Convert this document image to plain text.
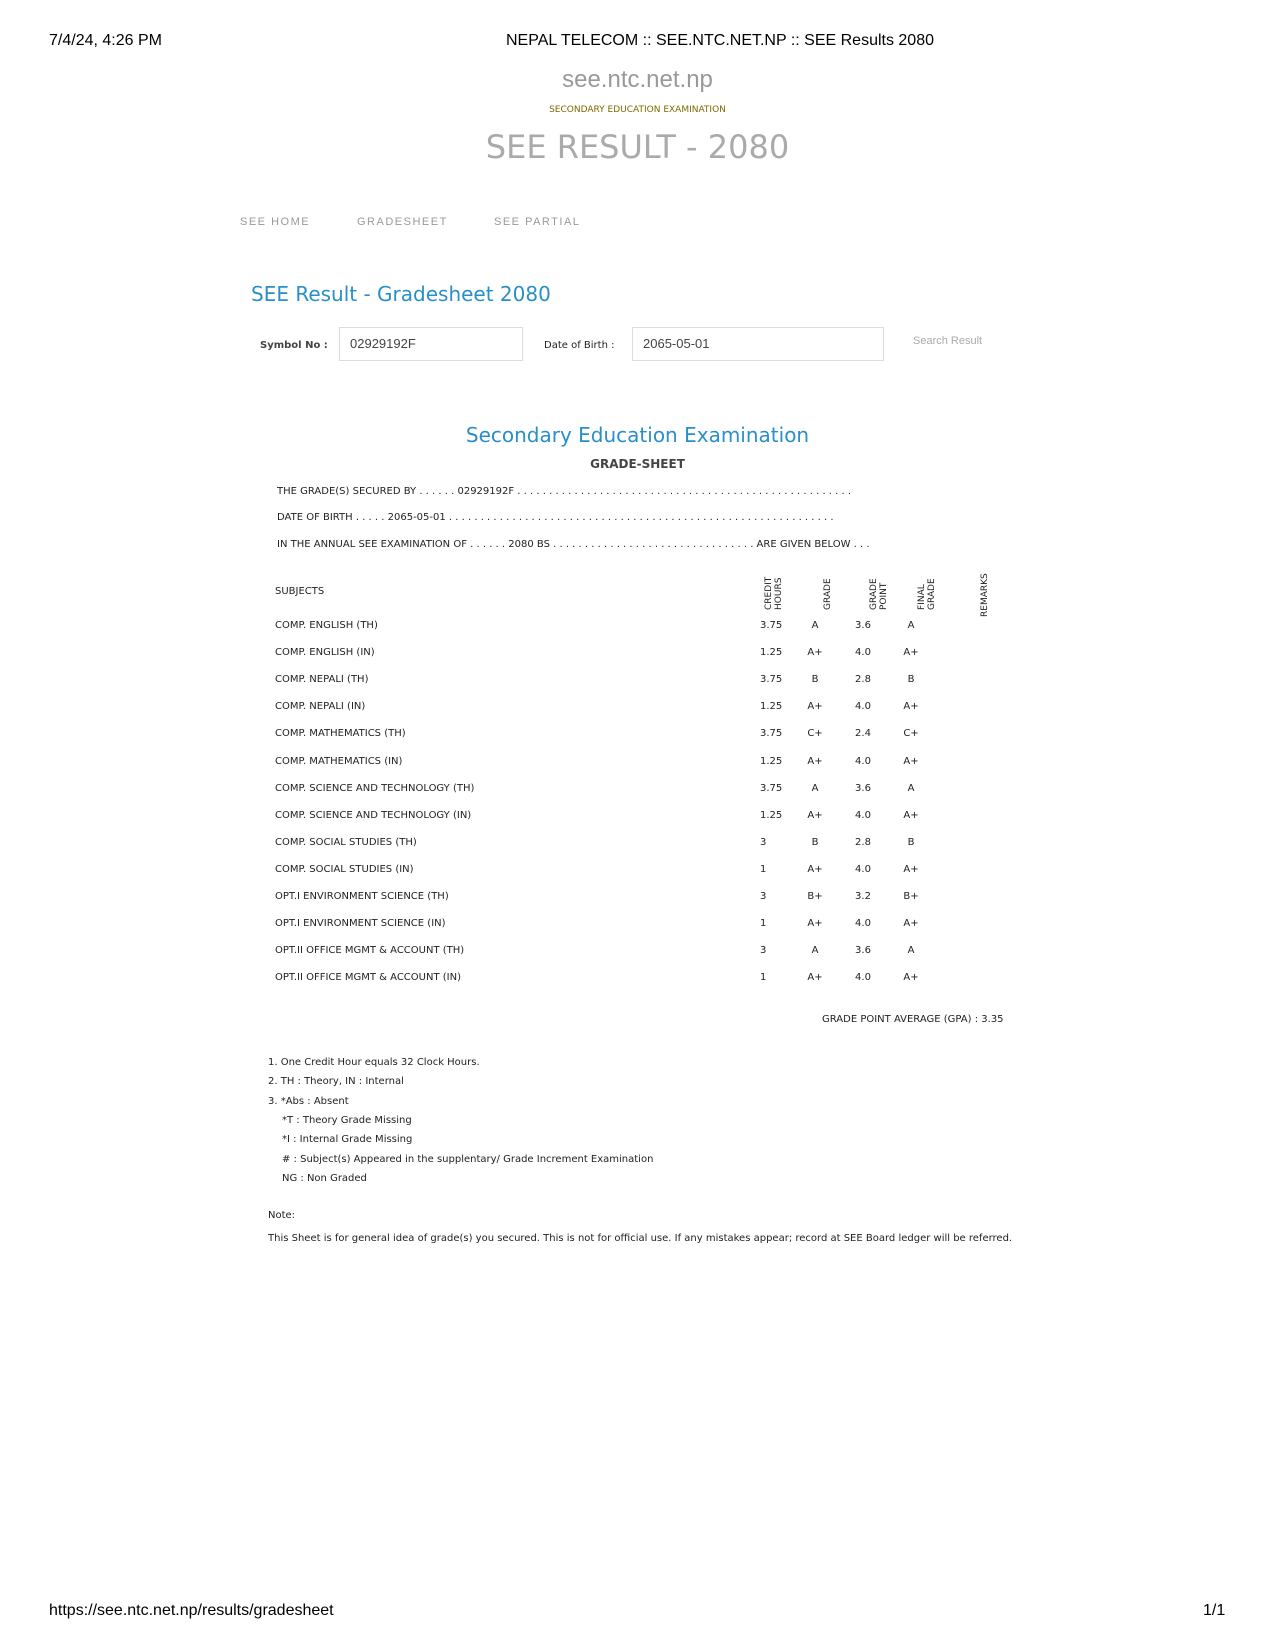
7/4/24, 4:26 PM	NEPAL TELECOM :: SEE.NTC.NET.NP :: SEE Results 2080
see.ntc.net.np
SECONDARY EDUCATION EXAMINATION
SEE RESULT - 2080
SEE HOME	GRADESHEET	SEE PARTIAL
SEE Result - Gradesheet 2080
Symbol No :	02929192F	Date of Birth :	2065-05-01	Search Result
Secondary Education Examination
GRADE-SHEET
THE GRADE(S) SECURED BY . . . . . . 02929192F . . . . . . . . . . . . . . . . . . . . . . . . . . . . . . . . . . . . . . . . . . . . . . . . . . . . .
DATE OF BIRTH . . . . . 2065-05-01 . . . . . . . . . . . . . . . . . . . . . . . . . . . . . . . . . . . . . . . . . . . . . . . . . . . . . . . . . . . . .
IN THE ANNUAL SEE EXAMINATION OF . . . . . . 2080 BS . . . . . . . . . . . . . . . . . . . . . . . . . . . . . . . . ARE GIVEN BELOW . . .
SUBJECTS	CREDIT HOURS	GRADE	GRADE POINT	FINAL GRADE	REMARKS
COMP. ENGLISH (TH)	3.75	A	3.6	A
COMP. ENGLISH (IN)	1.25	A+	4.0	A+
COMP. NEPALI (TH)	3.75	B	2.8	B
COMP. NEPALI (IN)	1.25	A+	4.0	A+
COMP. MATHEMATICS (TH)	3.75	C+	2.4	C+
COMP. MATHEMATICS (IN)	1.25	A+	4.0	A+
COMP. SCIENCE AND TECHNOLOGY (TH)	3.75	A	3.6	A
COMP. SCIENCE AND TECHNOLOGY (IN)	1.25	A+	4.0	A+
COMP. SOCIAL STUDIES (TH)	3	B	2.8	B
COMP. SOCIAL STUDIES (IN)	1	A+	4.0	A+
OPT.I ENVIRONMENT SCIENCE (TH)	3	B+	3.2	B+
OPT.I ENVIRONMENT SCIENCE (IN)	1	A+	4.0	A+
OPT.II OFFICE MGMT & ACCOUNT (TH)	3	A	3.6	A
OPT.II OFFICE MGMT & ACCOUNT (IN)	1	A+	4.0	A+
GRADE POINT AVERAGE (GPA) : 3.35
1. One Credit Hour equals 32 Clock Hours.
2. TH : Theory, IN : Internal
3. *Abs : Absent
*T : Theory Grade Missing
*I : Internal Grade Missing
# : Subject(s) Appeared in the supplentary/ Grade Increment Examination
NG : Non Graded
Note:
This Sheet is for general idea of grade(s) you secured. This is not for official use. If any mistakes appear; record at SEE Board ledger will be referred.
https://see.ntc.net.np/results/gradesheet	1/1
